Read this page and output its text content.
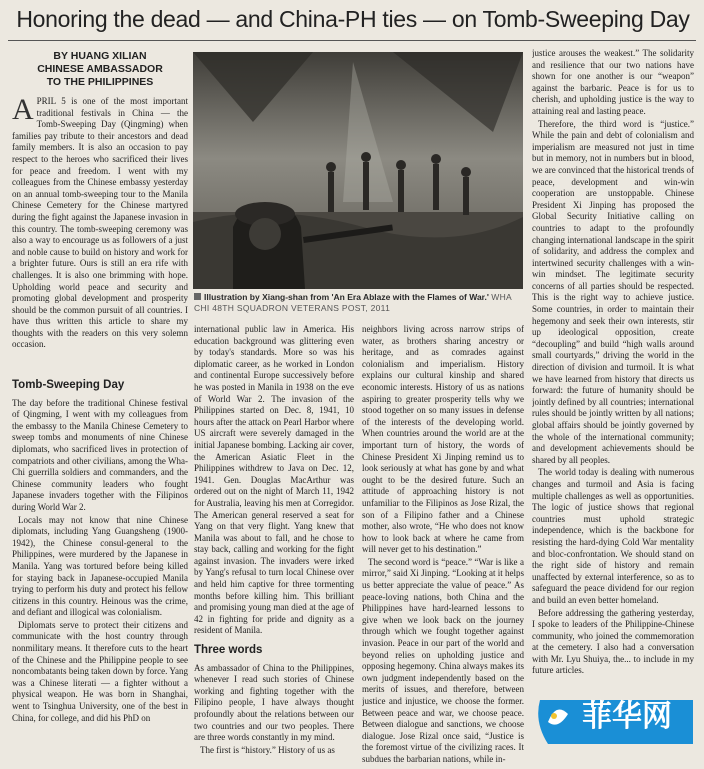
Honoring the dead — and China-PH ties — on Tomb-Sweeping Day
BY HUANG XILIAN
CHINESE AMBASSADOR
TO THE PHILIPPINES

APRIL 5 is one of the most important traditional festivals in China — the Tomb-Sweeping Day (Qingming) when families pay tribute to their ancestors and dead family members. It is also an occasion to pay respect to the heroes who sacrificed their lives for peace and freedom. I went with my colleagues from the Chinese embassy yesterday on an annual tomb-sweeping tour to the Manila Chinese Cemetery for the Chinese martyred during the fight against the Japanese invasion in this country. The tomb-sweeping ceremony was also a way to encourage us as followers of a just and noble cause to build on history and work for a brighter future. Ours is still an era rife with challenges. It is also one brimming with hope. Upholding world peace and security and promoting global development and prosperity should be the common pursuit of all countries. I have thus written this article to share my thoughts with the readers on this very solemn occasion.

Illustration by Xiang-shan from 'An Era Ablaze with the Flames of War.' WHA CHI 48TH SQUADRON VETERANS POST, 2011
Tomb-Sweeping Day

The day before the traditional Chinese festival of Qingming, I went with my colleagues from the embassy to the Manila Chinese Cemetery to sweep tombs and monuments of nine Chinese diplomats, who sacrificed lives in protection of compatriots and other civilians, among the Wha-Chi guerrilla soldiers and commanders, and the Chinese community leaders who fought Japanese invaders together with the Filipinos during World War 2.

Locals may not know that nine Chinese diplomats, including Yang Guangsheng (1900-1942), the Chinese consul-general to the Philippines, were murdered by the Japanese in Manila. Yang was tortured before being killed for staying back in Japanese-occupied Manila trying to perform his duty and protect his fellow citizens in this country. Heinous was the crime, and defiant and illogical was colonialism.

Diplomats serve to protect their citizens and communicate with the host country through nonmilitary means. It therefore cuts to the heart of the Chinese and the Philippine people to see noncombatants being taken down by force. Yang was a Chinese literati — a fighter without a physical weapon. He was born in Shanghai, went to Tsinghua University, one of the best in China, for college, and did his PhD on

international public law in America. His education background was glittering even by today's standards. More so was his diplomatic career, as he worked in London and continental Europe successively before he was posted in Manila in 1938 on the eve of World War 2. The invasion of the Philippines started on Dec. 8, 1941, 10 hours after the attack on Pearl Harbor where US aircraft were severely damaged in the initial Japanese bombing. Lacking air cover, the American Asiatic Fleet in the Philippines withdrew to Java on Dec. 12, 1941. Gen. Douglas MacArthur was ordered out on the night of March 11, 1942 for Australia, leaving his men at Corregidor. The American general reserved a seat for Yang on that very flight. Yang knew that Manila was about to fall, and he chose to stay back, calling and working for the fight against invasion. The invaders were irked by Yang's refusal to turn local Chinese over and held him captive for three tormenting months before killing him. This brilliant and promising young man died at the age of 42 in fighting for pride and dignity as a resident of Manila.

Three words

As ambassador of China to the Philippines, whenever I read such stories of Chinese working and fighting together with the Filipino people, I have always thought profoundly about the relations between our two countries and our two peoples. There are three words constantly in my mind.

The first is “history.” History of us as

neighbors living across narrow strips of water, as brothers sharing ancestry or heritage, and as comrades against colonialism and imperialism. History explains our cultural kinship and shared economic interests. History of us as nations aspiring to greater prosperity tells why we stood together on so many issues in defense of the interests of the developing world. When countries around the world are at the important turn of history, the words of Chinese President Xi Jinping remind us to look seriously at what has gone by and what ought to be the desired future. Such an attitude of approaching history is not unfamiliar to the Filipinos as Jose Rizal, the son of a Filipino father and a Chinese mother, also wrote, “He who does not know how to look back at where he came from will never get to his destination.”

The second word is “peace.” “War is like a mirror,” said Xi Jinping. “Looking at it helps us better appreciate the value of peace.” As peace-loving nations, both China and the Philippines have hard-learned lessons to give when we look back on the journey through which we fought together against invasion. Peace in our part of the world and beyond relies on upholding justice and opposing hegemony. China always makes its own judgment independently based on the merits of issues, and therefore, between justice and injustice, we choose the former. Between peace and war, we choose peace. Between dialogue and sanctions, we choose dialogue. Jose Rizal once said, “Justice is the foremost virtue of the civilizing races. It subdues the barbarian nations, while in-

justice arouses the weakest.” The solidarity and resilience that our two nations have shown for one another is our “weapon” against the barbaric. Peace is for us to cherish, and upholding justice is the way to attaining real and lasting peace.

Therefore, the third word is “justice.” While the pain and debt of colonialism and imperialism are measured not just in time but in memory, not in numbers but in blood, we are convinced that the historical trends of peace, development and win-win cooperation are unstoppable. Chinese President Xi Jinping has proposed the Global Security Initiative calling on countries to adapt to the profoundly changing international landscape in the spirit of solidarity, and address the complex and intertwined security challenges with a win-win mindset. The legitimate security concerns of all parties should be respected. This is the right way to achieve justice. Some countries, in order to maintain their hegemony and seek their own interests, stir up ideological opposition, create “decoupling” and build “high walls around small courtyards,” driving the world in the direction of division and turmoil. It is what we have learned from history that directs us forward: the future of humanity should be jointly defined by all countries; international rules should be jointly written by all nations; global affairs should be jointly governed by the whole of the international community; and development achievements should be shared by all peoples.

The world today is dealing with numerous changes and turmoil and Asia is facing multiple challenges as well as opportunities. The logic of justice shows that regional countries must uphold strategic independence, which is the backbone for resisting the hard-dying Cold War mentality and bloc-confrontation. We should stand on the right side of history and remain unaffected by external interference, so as to safeguard the peace dividend for our region and build an even better homeland.

Before addressing the gathering yesterday, I spoke to leaders of the Philippine-Chinese community, who joined the commemoration at the cemetery. I also had a conversation with Mr. Lyu Shuiya, the... to include in my future articles.

菲华网
